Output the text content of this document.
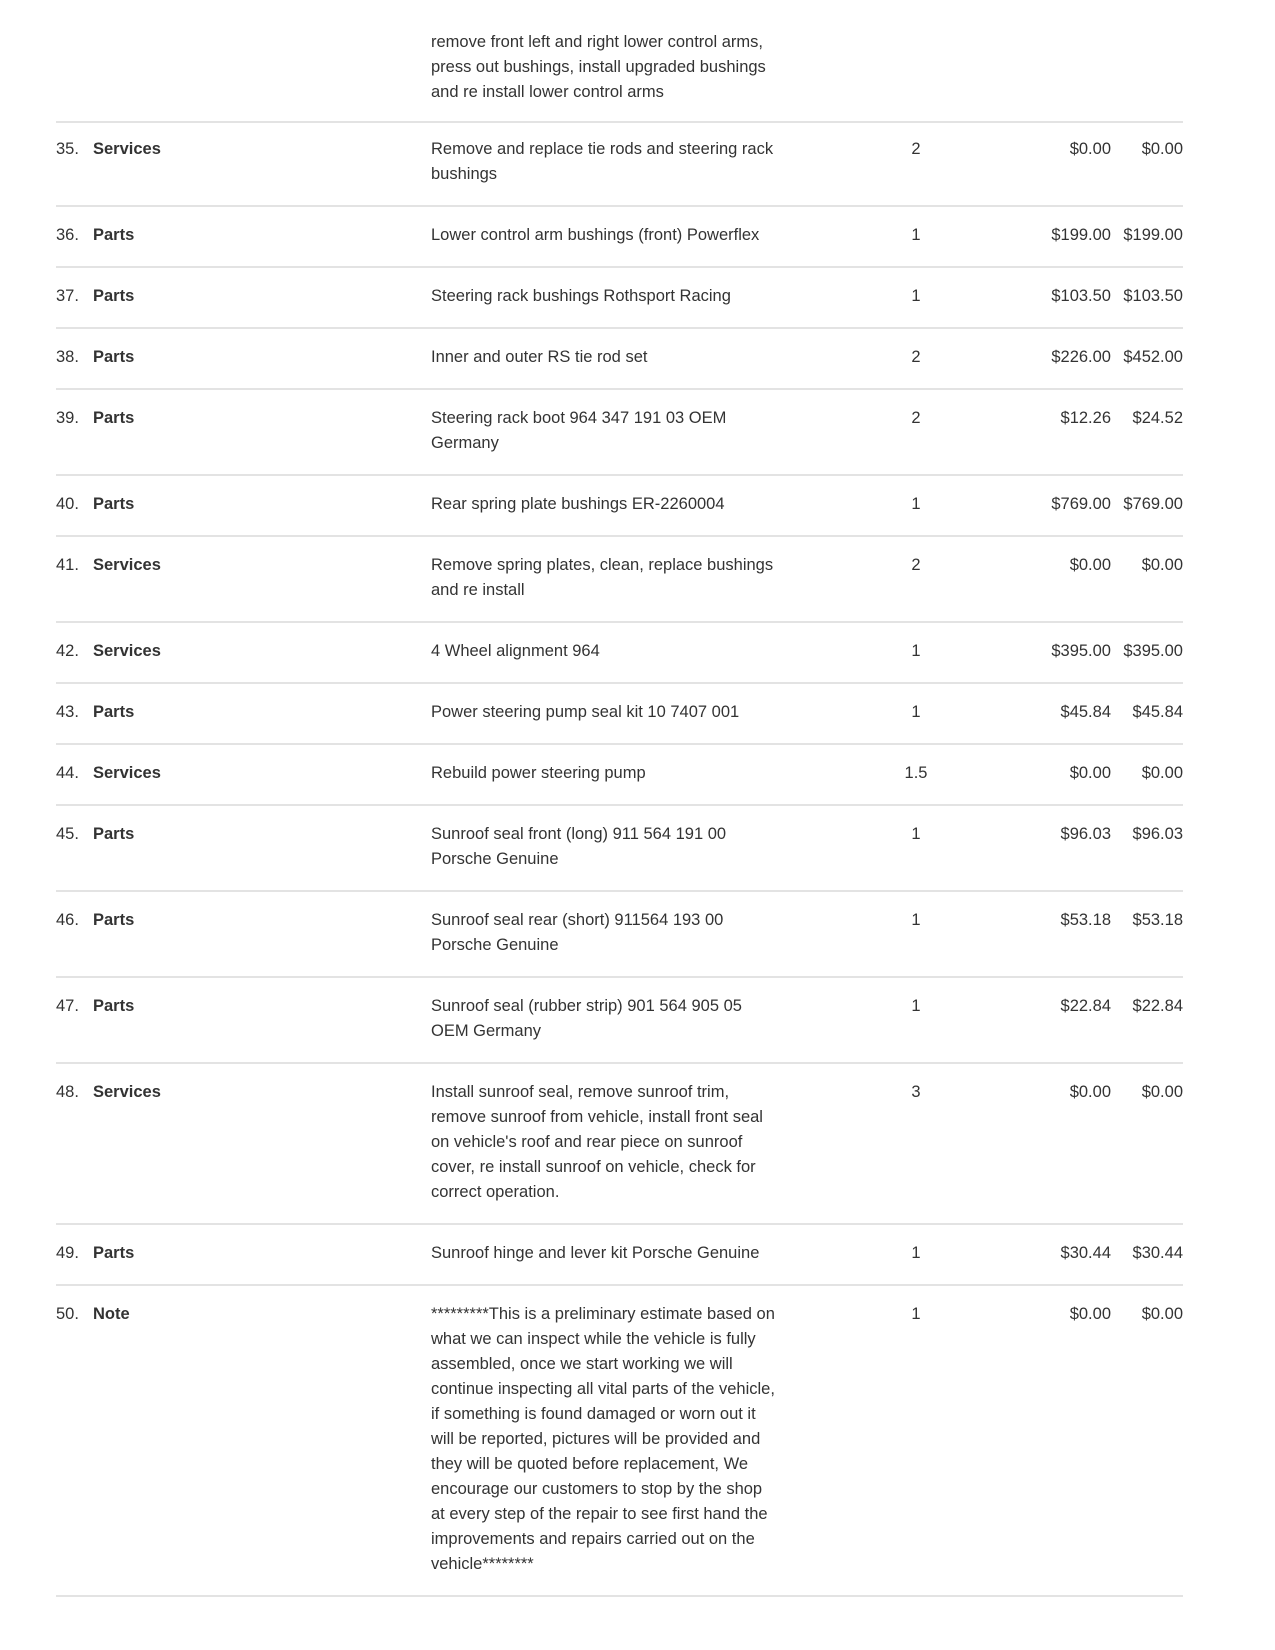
remove front left and right lower control arms, press out bushings, install upgraded bushings and re install lower control arms
35. Services	Remove and replace tie rods and steering rack bushings
2	$0.00	$0.00
36. Parts	Lower control arm bushings (front) Powerflex	1	$199.00 $199.00
37. Parts	Steering rack bushings Rothsport Racing	1	$103.50 $103.50
38. Parts	Inner and outer RS tie rod set	2	$226.00 $452.00
39. Parts	Steering rack boot 964 347 191 03 OEM Germany
2	$12.26	$24.52
40. Parts	Rear spring plate bushings ER-2260004	1	$769.00 $769.00
41. Services	Remove spring plates, clean, replace bushings and re install
2	$0.00	$0.00
42. Services	4 Wheel alignment 964	1	$395.00 $395.00
43. Parts	Power steering pump seal kit 10 7407 001	1	$45.84	$45.84
44. Services	Rebuild power steering pump	1.5	$0.00	$0.00
45. Parts	Sunroof seal front (long) 911 564 191 00 Porsche Genuine
1	$96.03	$96.03
46. Parts	Sunroof seal rear (short) 911564 193 00 Porsche Genuine
1	$53.18	$53.18
47. Parts	Sunroof seal (rubber strip) 901 564 905 05 OEM Germany
1	$22.84	$22.84
48. Services	Install sunroof seal, remove sunroof trim, remove sunroof from vehicle, install front seal on vehicle's roof and rear piece on sunroof cover, re install sunroof on vehicle, check for correct operation.
3	$0.00	$0.00
49. Parts	Sunroof hinge and lever kit Porsche Genuine	1	$30.44	$30.44
50. Note	*********This is a preliminary estimate based on what we can inspect while the vehicle is fully assembled, once we start working we will continue inspecting all vital parts of the vehicle, if something is found damaged or worn out it will be reported, pictures will be provided and they will be quoted before replacement, We encourage our customers to stop by the shop at every step of the repair to see first hand the improvements and repairs carried out on the vehicle********
1	$0.00	$0.00
